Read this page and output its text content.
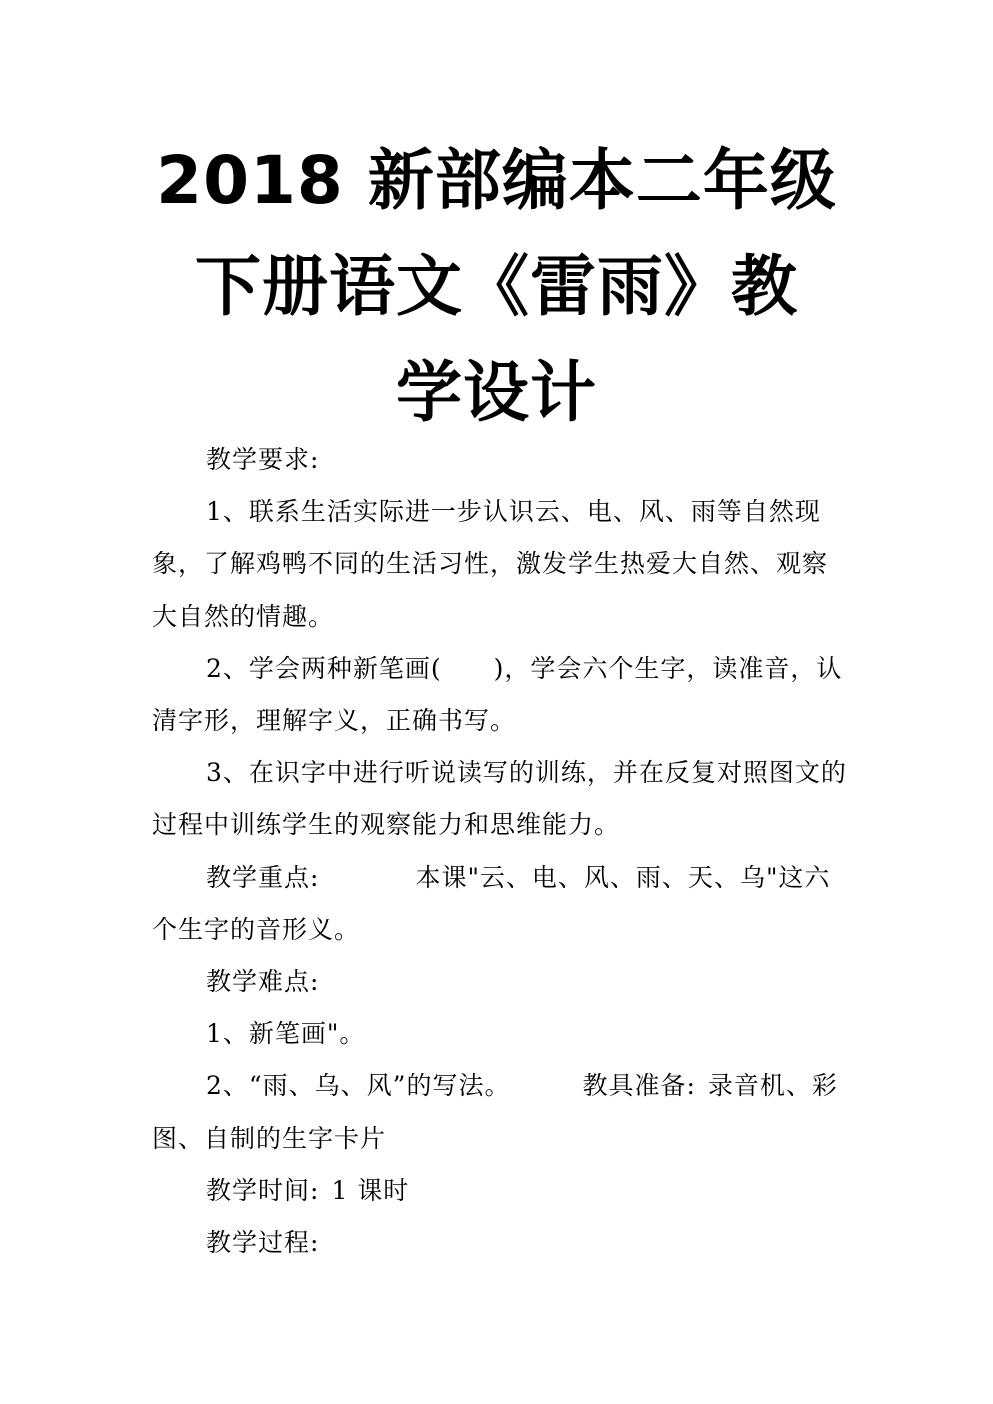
2018 新部编本二年级
下册语文《雷雨》教
学设计

教学要求:

1、联系生活实际进一步认识云、电、风、雨等自然现象，了解鸡鸭不同的生活习性，激发学生热爱大自然、观察大自然的情趣。

2、学会两种新笔画(　　)，学会六个生字，读准音，认清字形，理解字义，正确书写。

3、在识字中进行听说读写的训练，并在反复对照图文的过程中训练学生的观察能力和思维能力。

教学重点:	本课"云、电、风、雨、天、乌"这六个生字的音形义。

教学难点:

1、新笔画"。

2、“雨、乌、风”的写法。	教具准备: 录音机、彩图、自制的生字卡片

教学时间: 1 课时

教学过程:
